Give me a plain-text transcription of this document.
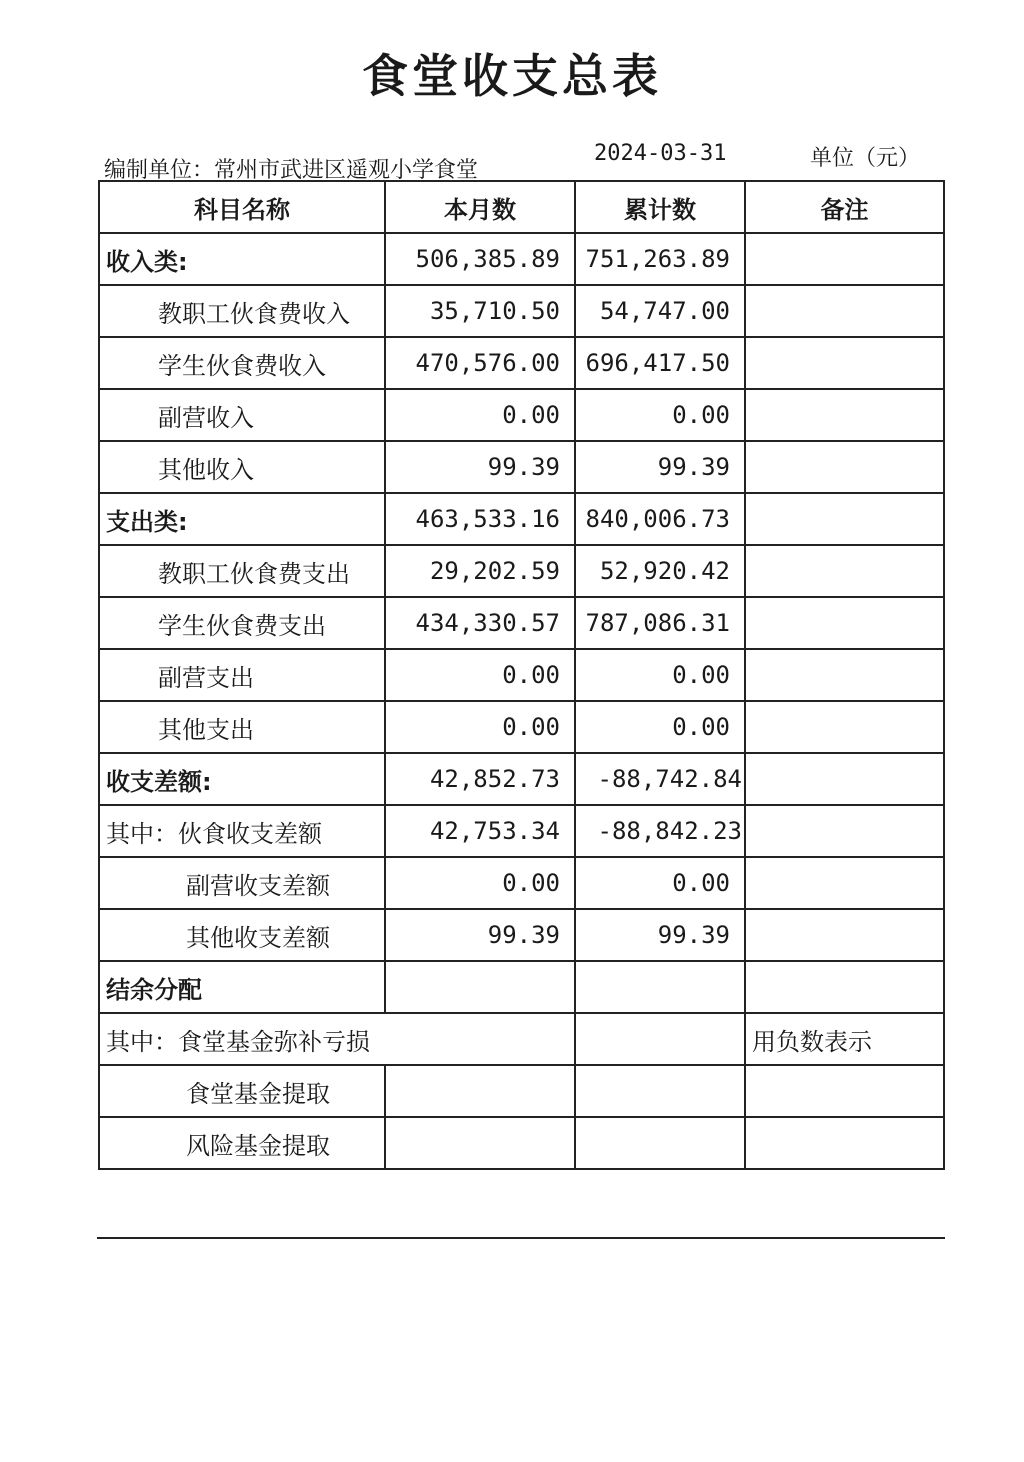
食堂收支总表
编制单位：常州市武进区遥观小学食堂
2024-03-31	单位（元）
科目名称	本月数	累计数	备注
收入类:	506,385.89	751,263.89	
教职工伙食费收入	35,710.50	54,747.00	
学生伙食费收入	470,576.00	696,417.50	
副营收入	0.00	0.00	
其他收入	99.39	99.39	
支出类:	463,533.16	840,006.73	
教职工伙食费支出	29,202.59	52,920.42	
学生伙食费支出	434,330.57	787,086.31	
副营支出	0.00	0.00	
其他支出	0.00	0.00	
收支差额:	42,852.73	-88,742.84	
其中：伙食收支差额	42,753.34	-88,842.23	
副营收支差额	0.00	0.00	
其他收支差额	99.39	99.39	
结余分配			
其中：食堂基金弥补亏损			用负数表示
食堂基金提取			
风险基金提取			
